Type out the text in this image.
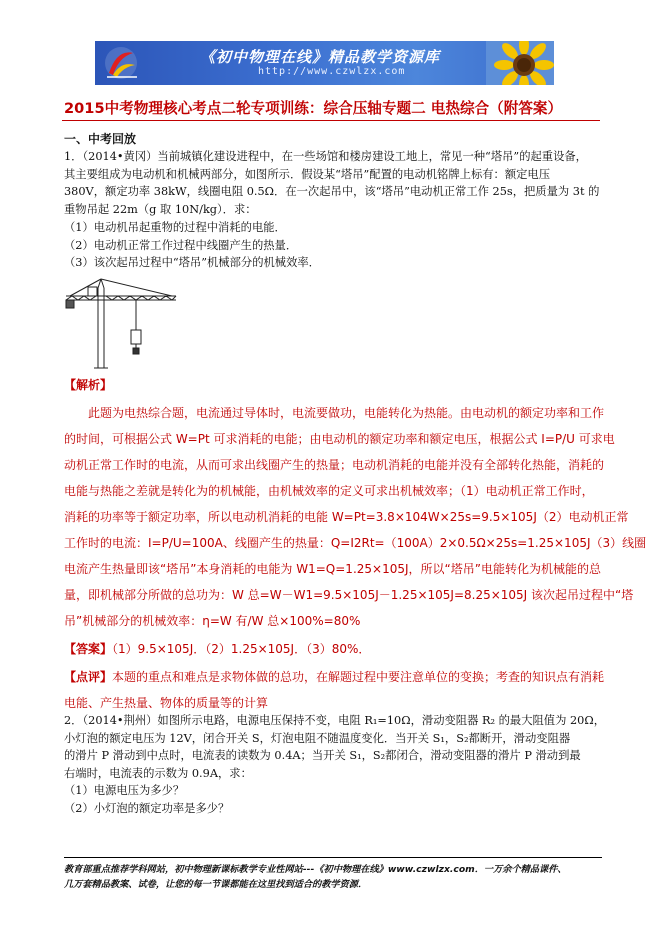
《初中物理在线》精品教学资源库
http://www.czwlzx.com
2015中考物理核心考点二轮专项训练：综合压轴专题二 电热综合（附答案）
一、中考回放
1．（2014•黄冈）当前城镇化建设进程中，在一些场馆和楼房建设工地上，常见一种“塔吊”的起重设备，
其主要组成为电动机和机械两部分，如图所示．假设某“塔吊”配置的电动机铭牌上标有：额定电压
380V，额定功率 38kW，线圈电阻 0.5Ω．在一次起吊中，该“塔吊”电动机正常工作 25s，把质量为 3t 的
重物吊起 22m（g 取 10N/kg）．求：
（1）电动机吊起重物的过程中消耗的电能．
（2）电动机正常工作过程中线圈产生的热量．
（3）该次起吊过程中“塔吊”机械部分的机械效率．
【解析】
　　此题为电热综合题，电流通过导体时，电流要做功，电能转化为热能。由电动机的额定功率和工作
的时间，可根据公式 W=Pt 可求消耗的电能；由电动机的额定功率和额定电压，根据公式 I=P/U 可求电
动机正常工作时的电流，从而可求出线圈产生的热量；电动机消耗的电能并没有全部转化热能，消耗的
电能与热能之差就是转化为的机械能，由机械效率的定义可求出机械效率；（1）电动机正常工作时，
消耗的功率等于额定功率，所以电动机消耗的电能 W=Pt=3.8×104W×25s=9.5×105J（2）电动机正常
工作时的电流：I=P/U=100A、线圈产生的热量：Q=I2Rt=（100A）2×0.5Ω×25s=1.25×105J（3）线圈
电流产生热量即该“塔吊”本身消耗的电能为 W1=Q=1.25×105J，所以“塔吊”电能转化为机械能的总
量，即机械部分所做的总功为：W 总=W－W1=9.5×105J－1.25×105J=8.25×105J 该次起吊过程中“塔
吊”机械部分的机械效率：η=W 有/W 总×100%=80%
【答案】（1）9.5×105J．（2）1.25×105J．（3）80%．
【点评】本题的重点和难点是求物体做的总功，在解题过程中要注意单位的变换；考查的知识点有消耗
电能、产生热量、物体的质量等的计算
2．（2014•荆州）如图所示电路，电源电压保持不变，电阻 R₁=10Ω，滑动变阻器 R₂ 的最大阻值为 20Ω，
小灯泡的额定电压为 12V，闭合开关 S，灯泡电阻不随温度变化．当开关 S₁，S₂都断开，滑动变阻器
的滑片 P 滑动到中点时，电流表的读数为 0.4A；当开关 S₁，S₂都闭合，滑动变阻器的滑片 P 滑动到最
右端时，电流表的示数为 0.9A，求：
（1）电源电压为多少？
（2）小灯泡的额定功率是多少？
教育部重点推荐学科网站，初中物理新课标教学专业性网站---《初中物理在线》www.czwlzx.com．一万余个精品课件、
几万套精品教案、试卷，让您的每一节课都能在这里找到适合的教学资源．
